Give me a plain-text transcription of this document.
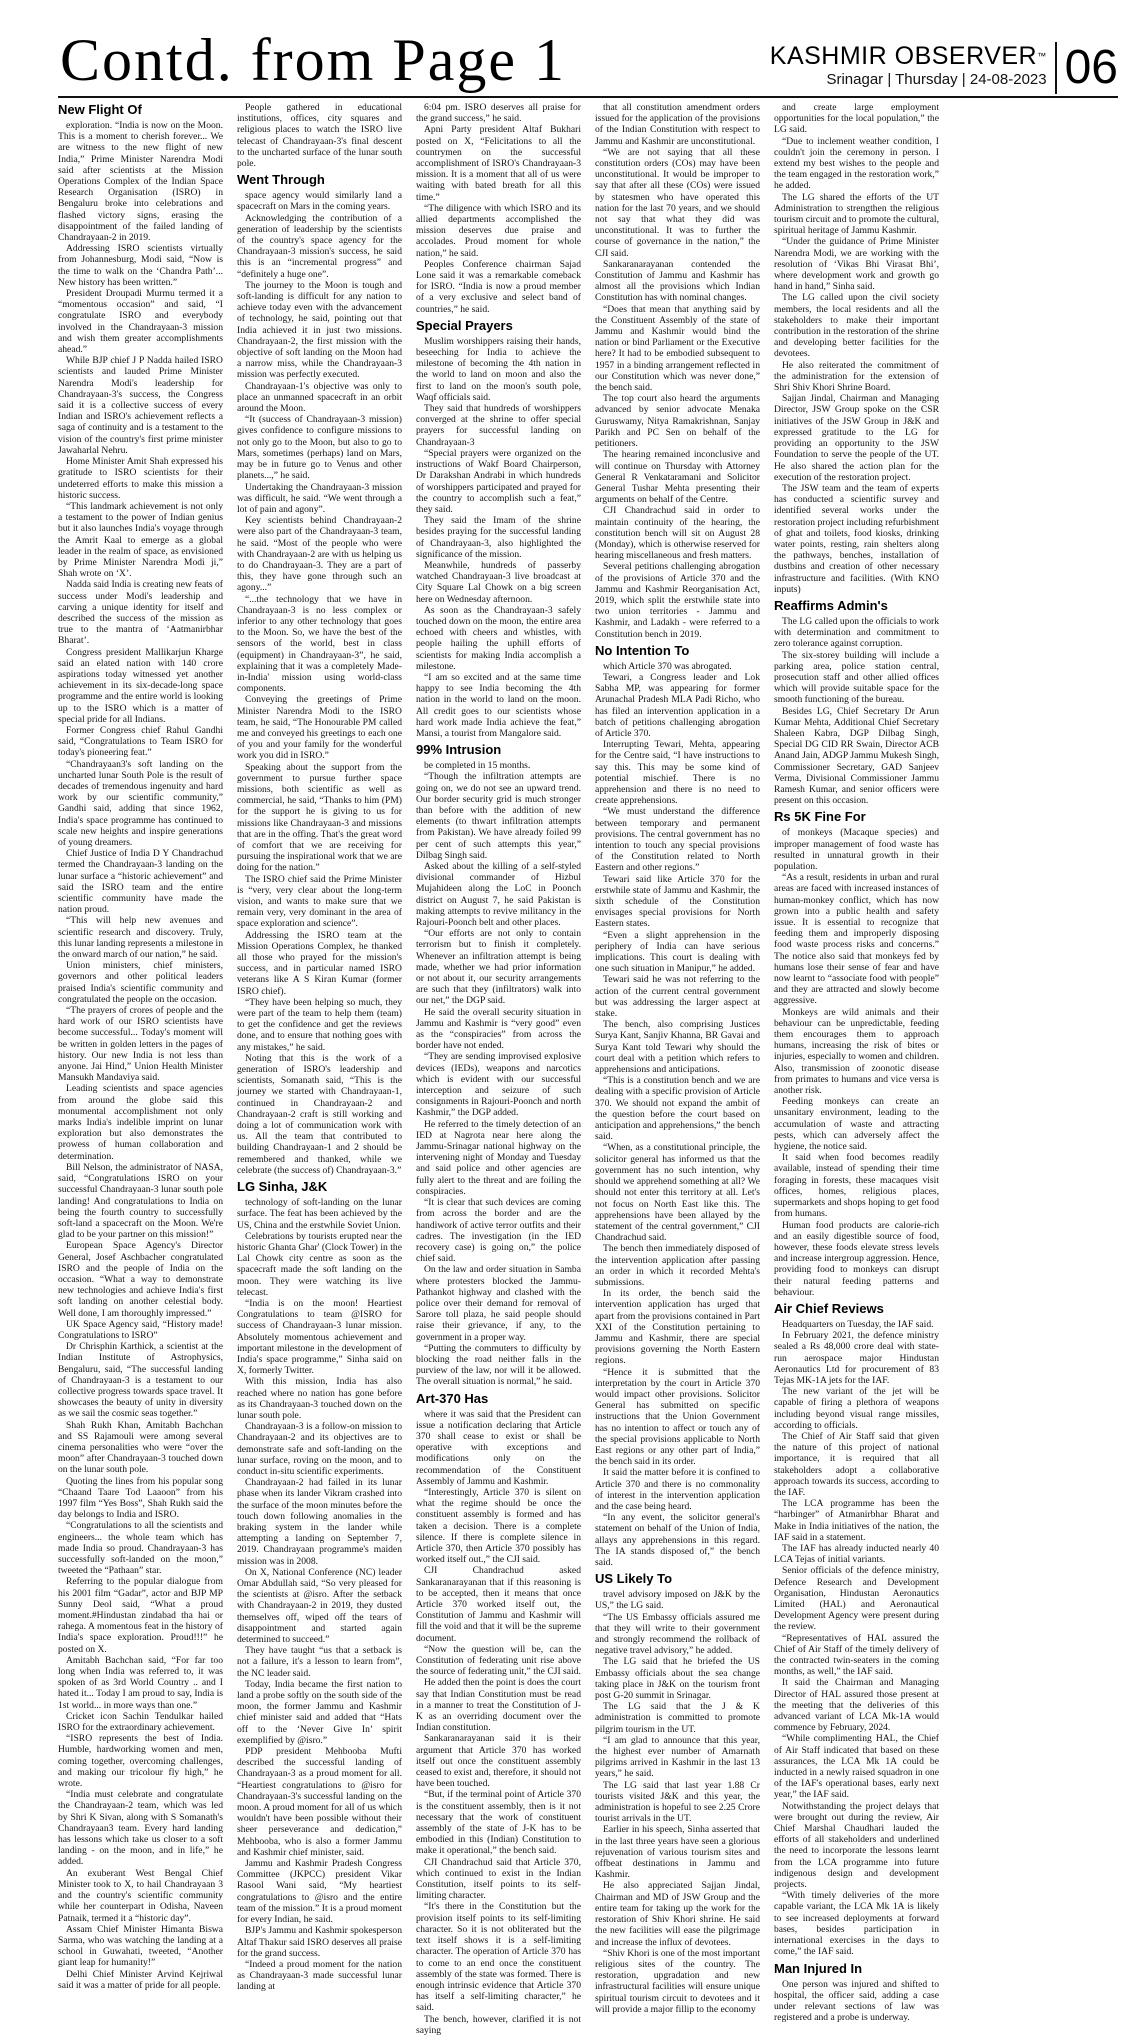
Contd. from Page 1	KASHMIR OBSERVER™
Srinagar | Thursday | 24-08-2023 06
New Flight Of

exploration. “India is now on the Moon. This is a moment to cherish forever... We are witness to the new flight of new India,” Prime Minister Narendra Modi said after scientists at the Mission Operations Complex of the Indian Space Research Organisation (ISRO) in Bengaluru broke into celebrations and flashed victory signs, erasing the disappointment of the failed landing of Chandrayaan-2 in 2019.

Addressing ISRO scientists virtually from Johannesburg, Modi said, “Now is the time to walk on the ‘Chandra Path’... New history has been written.”

President Droupadi Murmu termed it a “momentous occasion” and said, “I congratulate ISRO and everybody involved in the Chandrayaan-3 mission and wish them greater accomplishments ahead.”

While BJP chief J P Nadda hailed ISRO scientists and lauded Prime Minister Narendra Modi's leadership for Chandrayaan-3's success, the Congress said it is a collective success of every Indian and ISRO's achievement reflects a saga of continuity and is a testament to the vision of the country's first prime minister Jawaharlal Nehru.

Home Minister Amit Shah expressed his gratitude to ISRO scientists for their undeterred efforts to make this mission a historic success.

“This landmark achievement is not only a testament to the power of Indian genius but it also launches India's voyage through the Amrit Kaal to emerge as a global leader in the realm of space, as envisioned by Prime Minister Narendra Modi ji,” Shah wrote on ‘X’.

Nadda said India is creating new feats of success under Modi's leadership and carving a unique identity for itself and described the success of the mission as true to the mantra of ‘Aatmanirbhar Bharat’.

Congress president Mallikarjun Kharge said an elated nation with 140 crore aspirations today witnessed yet another achievement in its six-decade-long space programme and the entire world is looking up to the ISRO which is a matter of special pride for all Indians.

Former Congress chief Rahul Gandhi said, “Congratulations to Team ISRO for today's pioneering feat.”

“Chandrayaan3's soft landing on the uncharted lunar South Pole is the result of decades of tremendous ingenuity and hard work by our scientific community,” Gandhi said, adding that since 1962, India's space programme has continued to scale new heights and inspire generations of young dreamers.

Chief Justice of India D Y Chandrachud termed the Chandrayaan-3 landing on the lunar surface a “historic achievement” and said the ISRO team and the entire scientific community have made the nation proud.

“This will help new avenues and scientific research and discovery. Truly, this lunar landing represents a milestone in the onward march of our nation,” he said.

Union ministers, chief ministers, governors and other political leaders praised India's scientific community and congratulated the people on the occasion.

“The prayers of crores of people and the hard work of our ISRO scientists have become successful... Today's moment will be written in golden letters in the pages of history. Our new India is not less than anyone. Jai Hind,” Union Health Minister Mansukh Mandaviya said.

Leading scientists and space agencies from around the globe said this monumental accomplishment not only marks India's indelible imprint on lunar exploration but also demonstrates the prowess of human collaboration and determination.

Bill Nelson, the administrator of NASA, said, “Congratulations ISRO on your successful Chandrayaan-3 lunar south pole landing! And congratulations to India on being the fourth country to successfully soft-land a spacecraft on the Moon. We're glad to be your partner on this mission!”

European Space Agency's Director General, Josef Aschbacher congratulated ISRO and the people of India on the occasion. “What a way to demonstrate new technologies and achieve India's first soft landing on another celestial body. Well done, I am thoroughly impressed.”

UK Space Agency said, “History made! Congratulations to ISRO”

Dr Chrisphin Karthick, a scientist at the Indian Institute of Astrophysics, Bengaluru, said, “The successful landing of Chandrayaan-3 is a testament to our collective progress towards space travel. It showcases the beauty of unity in diversity as we sail the cosmic seas together.”

Shah Rukh Khan, Amitabh Bachchan and SS Rajamouli were among several cinema personalities who were “over the moon” after Chandrayaan-3 touched down on the lunar south pole.

Quoting the lines from his popular song “Chaand Taare Tod Laaoon” from his 1997 film “Yes Boss”, Shah Rukh said the day belongs to India and ISRO.

“Congratulations to all the scientists and engineers... the whole team which has made India so proud. Chandrayaan-3 has successfully soft-landed on the moon,” tweeted the “Pathaan” star.

Referring to the popular dialogue from his 2001 film “Gadar”, actor and BJP MP Sunny Deol said, “What a proud moment.#Hindustan zindabad tha hai or rahega. A momentous feat in the history of India's space exploration. Proud!!!” he posted on X.

Amitabh Bachchan said, “For far too long when India was referred to, it was spoken of as 3rd World Country .. and I hated it... Today I am proud to say, India is 1st world... in more ways than one.”

Cricket icon Sachin Tendulkar hailed ISRO for the extraordinary achievement.

“ISRO represents the best of India. Humble, hardworking women and men, coming together, overcoming challenges, and making our tricolour fly high,” he wrote.

“India must celebrate and congratulate the Chandrayaan-2 team, which was led by Shri K Sivan, along with S Somanath's Chandrayaan3 team. Every hard landing has lessons which take us closer to a soft landing - on the moon, and in life,” he added.

An exuberant West Bengal Chief Minister took to X, to hail Chandrayaan 3 and the country's scientific community while her counterpart in Odisha, Naveen Patnaik, termed it a “historic day”.

Assam Chief Minister Himanta Biswa Sarma, who was watching the landing at a school in Guwahati, tweeted, “Another giant leap for humanity!”

Delhi Chief Minister Arvind Kejriwal said it was a matter of pride for all people.

People gathered in educational institutions, offices, city squares and religious places to watch the ISRO live telecast of Chandrayaan-3's final descent to the uncharted surface of the lunar south pole.

Went Through

space agency would similarly land a spacecraft on Mars in the coming years.

Acknowledging the contribution of a generation of leadership by the scientists of the country's space agency for the Chandrayaan-3 mission's success, he said this is an “incremental progress” and “definitely a huge one”.

The journey to the Moon is tough and soft-landing is difficult for any nation to achieve today even with the advancement of technology, he said, pointing out that India achieved it in just two missions. Chandrayaan-2, the first mission with the objective of soft landing on the Moon had a narrow miss, while the Chandrayaan-3 mission was perfectly executed.

Chandrayaan-1's objective was only to place an unmanned spacecraft in an orbit around the Moon.

“It (success of Chandrayaan-3 mission) gives confidence to configure missions to not only go to the Moon, but also to go to Mars, sometimes (perhaps) land on Mars, may be in future go to Venus and other planets...,” he said.

Undertaking the Chandrayaan-3 mission was difficult, he said. “We went through a lot of pain and agony”.

Key scientists behind Chandrayaan-2 were also part of the Chandrayaan-3 team, he said. “Most of the people who were with Chandrayaan-2 are with us helping us to do Chandrayaan-3. They are a part of this, they have gone through such an agony...”

“...the technology that we have in Chandrayaan-3 is no less complex or inferior to any other technology that goes to the Moon. So, we have the best of the sensors of the world, best in class (equipment) in Chandrayaan-3”, he said, explaining that it was a completely Made-in-India' mission using world-class components.

Conveying the greetings of Prime Minister Narendra Modi to the ISRO team, he said, “The Honourable PM called me and conveyed his greetings to each one of you and your family for the wonderful work you did in ISRO.”

Speaking about the support from the government to pursue further space missions, both scientific as well as commercial, he said, “Thanks to him (PM) for the support he is giving to us for missions like Chandrayaan-3 and missions that are in the offing. That's the great word of comfort that we are receiving for pursuing the inspirational work that we are doing for the nation.”

The ISRO chief said the Prime Minister is “very, very clear about the long-term vision, and wants to make sure that we remain very, very dominant in the area of space exploration and science”.

Addressing the ISRO team at the Mission Operations Complex, he thanked all those who prayed for the mission's success, and in particular named ISRO veterans like A S Kiran Kumar (former ISRO chief).

“They have been helping so much, they were part of the team to help them (team) to get the confidence and get the reviews done, and to ensure that nothing goes with any mistakes,” he said.

Noting that this is the work of a generation of ISRO's leadership and scientists, Somanath said, “This is the journey we started with Chandrayaan-1, continued in Chandrayaan-2 and Chandrayaan-2 craft is still working and doing a lot of communication work with us. All the team that contributed to building Chandrayaan-1 and 2 should be remembered and thanked, while we celebrate (the success of) Chandrayaan-3.”

LG Sinha, J&K

technology of soft-landing on the lunar surface. The feat has been achieved by the US, China and the erstwhile Soviet Union.

Celebrations by tourists erupted near the historic Ghanta Ghar' (Clock Tower) in the Lal Chowk city centre as soon as the spacecraft made the soft landing on the moon. They were watching its live telecast.

“India is on the moon! Heartiest Congratulations to team @ISRO for success of Chandrayaan-3 lunar mission. Absolutely momentous achievement and important milestone in the development of India's space programme,” Sinha said on X, formerly Twitter.

With this mission, India has also reached where no nation has gone before as its Chandrayaan-3 touched down on the lunar south pole.

Chandrayaan-3 is a follow-on mission to Chandrayaan-2 and its objectives are to demonstrate safe and soft-landing on the lunar surface, roving on the moon, and to conduct in-situ scientific experiments.

Chandrayaan-2 had failed in its lunar phase when its lander Vikram crashed into the surface of the moon minutes before the touch down following anomalies in the braking system in the lander while attempting a landing on September 7, 2019. Chandrayaan programme's maiden mission was in 2008.

On X, National Conference (NC) leader Omar Abdullah said, “So very pleased for the scientists at @isro. After the setback with Chandrayaan-2 in 2019, they dusted themselves off, wiped off the tears of disappointment and started again determined to succeed.”

They have taught “us that a setback is not a failure, it's a lesson to learn from”, the NC leader said.

Today, India became the first nation to land a probe softly on the south side of the moon, the former Jammu and Kashmir chief minister said and added that “Hats off to the ‘Never Give In’ spirit exemplified by @isro.”

PDP president Mehbooba Mufti described the successful landing of Chandrayaan-3 as a proud moment for all. “Heartiest congratulations to @isro for Chandrayaan-3's successful landing on the moon. A proud moment for all of us which wouldn't have been possible without their sheer perseverance and dedication,” Mehbooba, who is also a former Jammu and Kashmir chief minister, said.

Jammu and Kashmir Pradesh Congress Committee (JKPCC) president Vikar Rasool Wani said, “My heartiest congratulations to @isro and the entire team of the mission.” It is a proud moment for every Indian, he said.

BJP's Jammu and Kashmir spokesperson Altaf Thakur said ISRO deserves all praise for the grand success.

“Indeed a proud moment for the nation as Chandrayaan-3 made successful lunar landing at

6:04 pm. ISRO deserves all praise for the grand success,” he said.

Apni Party president Altaf Bukhari posted on X, “Felicitations to all the countrymen on the successful accomplishment of ISRO's Chandrayaan-3 mission. It is a moment that all of us were waiting with bated breath for all this time.”

“The diligence with which ISRO and its allied departments accomplished the mission deserves due praise and accolades. Proud moment for whole nation,” he said.

Peoples Conference chairman Sajad Lone said it was a remarkable comeback for ISRO. “India is now a proud member of a very exclusive and select band of countries,” he said.

Special Prayers

Muslim worshippers raising their hands, beseeching for India to achieve the milestone of becoming the 4th nation in the world to land on moon and also the first to land on the moon's south pole, Waqf officials said.

They said that hundreds of worshippers converged at the shrine to offer special prayers for successful landing on Chandrayaan-3

“Special prayers were organized on the instructions of Wakf Board Chairperson, Dr Darakshan Andrabi in which hundreds of worshippers participated and prayed for the country to accomplish such a feat,” they said.

They said the Imam of the shrine besides praying for the successful landing of Chandrayaan-3, also highlighted the significance of the mission.

Meanwhile, hundreds of passerby watched Chandrayaan-3 live broadcast at City Square Lal Chowk on a big screen here on Wednesday afternoon.

As soon as the Chandrayaan-3 safely touched down on the moon, the entire area echoed with cheers and whistles, with people hailing the uphill efforts of scientists for making India accomplish a milestone.

“I am so excited and at the same time happy to see India becoming the 4th nation in the world to land on the moon. All credit goes to our scientists whose hard work made India achieve the feat,” Mansi, a tourist from Mangalore said.

99% Intrusion

be completed in 15 months.

“Though the infiltration attempts are going on, we do not see an upward trend. Our border security grid is much stronger than before with the addition of new elements (to thwart infiltration attempts from Pakistan). We have already foiled 99 per cent of such attempts this year,” Dilbag Singh said.

Asked about the killing of a self-styled divisional commander of Hizbul Mujahideen along the LoC in Poonch district on August 7, he said Pakistan is making attempts to revive militancy in the Rajouri-Poonch belt and other places.

“Our efforts are not only to contain terrorism but to finish it completely. Whenever an infiltration attempt is being made, whether we had prior information or not about it, our security arrangements are such that they (infiltrators) walk into our net,” the DGP said.

He said the overall security situation in Jammu and Kashmir is “very good” even as the “conspiracies” from across the border have not ended.

“They are sending improvised explosive devices (IEDs), weapons and narcotics which is evident with our successful interception and seizure of such consignments in Rajouri-Poonch and north Kashmir,” the DGP added.

He referred to the timely detection of an IED at Nagrota near here along the Jammu-Srinagar national highway on the intervening night of Monday and Tuesday and said police and other agencies are fully alert to the threat and are foiling the conspiracies.

“It is clear that such devices are coming from across the border and are the handiwork of active terror outfits and their cadres. The investigation (in the IED recovery case) is going on,” the police chief said.

On the law and order situation in Samba where protesters blocked the Jammu-Pathankot highway and clashed with the police over their demand for removal of Sarore toll plaza, he said people should raise their grievance, if any, to the government in a proper way.

“Putting the commuters to difficulty by blocking the road neither falls in the purview of the law, nor will it be allowed. The overall situation is normal,” he said.

Art-370 Has

where it was said that the President can issue a notification declaring that Article 370 shall cease to exist or shall be operative with exceptions and modifications only on the recommendation of the Constituent Assembly of Jammu and Kashmir.

“Interestingly, Article 370 is silent on what the regime should be once the constituent assembly is formed and has taken a decision. There is a complete silence. If there is complete silence in Article 370, then Article 370 possibly has worked itself out.,” the CJI said.

CJI Chandrachud asked Sankaranarayanan that if this reasoning is to be accepted, then it means that once Article 370 worked itself out, the Constitution of Jammu and Kashmir will fill the void and that it will be the supreme document.

“Now the question will be, can the Constitution of federating unit rise above the source of federating unit,” the CJI said.

He added then the point is does the court say that Indian Constitution must be read in a manner to treat the Constitution of J-K as an overriding document over the Indian constitution.

Sankaranarayanan said it is their argument that Article 370 has worked itself out once the constituent assembly ceased to exist and, therefore, it should not have been touched.

“But, if the terminal point of Article 370 is the constituent assembly, then is it not necessary that the work of constituent assembly of the state of J-K has to be embodied in this (Indian) Constitution to make it operational,” the bench said.

CJI Chandrachud said that Article 370, which continued to exist in the Indian Constitution, itself points to its self-limiting character.

“It's there in the Constitution but the provision itself points to its self-limiting character. So it is not obliterated but the text itself shows it is a self-limiting character. The operation of Article 370 has to come to an end once the constituent assembly of the state was formed. There is enough intrinsic evidence that Article 370 has itself a self-limiting character,” he said.

The bench, however, clarified it is not saying

that all constitution amendment orders issued for the application of the provisions of the Indian Constitution with respect to Jammu and Kashmir are unconstitutional.

“We are not saying that all these constitution orders (COs) may have been unconstitutional. It would be improper to say that after all these (COs) were issued by statesmen who have operated this nation for the last 70 years, and we should not say that what they did was unconstitutional. It was to further the course of governance in the nation,” the CJI said.

Sankaranarayanan contended the Constitution of Jammu and Kashmir has almost all the provisions which Indian Constitution has with nominal changes.

“Does that mean that anything said by the Constituent Assembly of the state of Jammu and Kashmir would bind the nation or bind Parliament or the Executive here? It had to be embodied subsequent to 1957 in a binding arrangement reflected in our Constitution which was never done,” the bench said.

The top court also heard the arguments advanced by senior advocate Menaka Guruswamy, Nitya Ramakrishnan, Sanjay Parikh and PC Sen on behalf of the petitioners.

The hearing remained inconclusive and will continue on Thursday with Attorney General R Venkataramani and Solicitor General Tushar Mehta presenting their arguments on behalf of the Centre.

CJI Chandrachud said in order to maintain continuity of the hearing, the constitution bench will sit on August 28 (Monday), which is otherwise reserved for hearing miscellaneous and fresh matters.

Several petitions challenging abrogation of the provisions of Article 370 and the Jammu and Kashmir Reorganisation Act, 2019, which split the erstwhile state into two union territories - Jammu and Kashmir, and Ladakh - were referred to a Constitution bench in 2019.

No Intention To

which Article 370 was abrogated.

Tewari, a Congress leader and Lok Sabha MP, was appearing for former Arunachal Pradesh MLA Padi Richo, who has filed an intervention application in a batch of petitions challenging abrogation of Article 370.

Interrupting Tewari, Mehta, appearing for the Centre said, “I have instructions to say this. This may be some kind of potential mischief. There is no apprehension and there is no need to create apprehensions.

“We must understand the difference between temporary and permanent provisions. The central government has no intention to touch any special provisions of the Constitution related to North Eastern and other regions.”

Tewari said like Article 370 for the erstwhile state of Jammu and Kashmir, the sixth schedule of the Constitution envisages special provisions for North Eastern states.

“Even a slight apprehension in the periphery of India can have serious implications. This court is dealing with one such situation in Manipur,” he added.

Tewari said he was not referring to the action of the current central government but was addressing the larger aspect at stake.

The bench, also comprising Justices Surya Kant, Sanjiv Khanna, BR Gavai and Surya Kant told Tewari why should the court deal with a petition which refers to apprehensions and anticipations.

“This is a constitution bench and we are dealing with a specific provision of Article 370. We should not expand the ambit of the question before the court based on anticipation and apprehensions,” the bench said.

“When, as a constitutional principle, the solicitor general has informed us that the government has no such intention, why should we apprehend something at all? We should not enter this territory at all. Let's not focus on North East like this. The apprehensions have been allayed by the statement of the central government,” CJI Chandrachud said.

The bench then immediately disposed of the intervention application after passing an order in which it recorded Mehta's submissions.

In its order, the bench said the intervention application has urged that apart from the provisions contained in Part XXI of the Constitution pertaining to Jammu and Kashmir, there are special provisions governing the North Eastern regions.

“Hence it is submitted that the interpretation by the court in Article 370 would impact other provisions. Solicitor General has submitted on specific instructions that the Union Government has no intention to affect or touch any of the special provisions applicable to North East regions or any other part of India,” the bench said in its order.

It said the matter before it is confined to Article 370 and there is no commonality of interest in the intervention application and the case being heard.

“In any event, the solicitor general's statement on behalf of the Union of India, allays any apprehensions in this regard. The IA stands disposed of,” the bench said.

US Likely To

travel advisory imposed on J&K by the US,” the LG said.

“The US Embassy officials assured me that they will write to their government and strongly recommend the rollback of negative travel advisory,” he added.

The LG said that he briefed the US Embassy officials about the sea change taking place in J&K on the tourism front post G-20 summit in Srinagar.

The LG said that the J & K administration is committed to promote pilgrim tourism in the UT.

“I am glad to announce that this year, the highest ever number of Amarnath pilgrims arrived in Kashmir in the last 13 years,” he said.

The LG said that last year 1.88 Cr tourists visited J&K and this year, the administration is hopeful to see 2.25 Crore tourist arrivals in the UT.

Earlier in his speech, Sinha asserted that in the last three years have seen a glorious rejuvenation of various tourism sites and offbeat destinations in Jammu and Kashmir.

He also appreciated Sajjan Jindal, Chairman and MD of JSW Group and the entire team for taking up the work for the restoration of Shiv Khori shrine. He said the new facilities will ease the pilgrimage and increase the influx of devotees.

“Shiv Khori is one of the most important religious sites of the country. The restoration, upgradation and new infrastructural facilities will ensure unique spiritual tourism circuit to devotees and it will provide a major fillip to the economy

and create large employment opportunities for the local population,” the LG said.

“Due to inclement weather condition, I couldn't join the ceremony in person. I extend my best wishes to the people and the team engaged in the restoration work,” he added.

The LG shared the efforts of the UT Administration to strengthen the religious tourism circuit and to promote the cultural, spiritual heritage of Jammu Kashmir.

“Under the guidance of Prime Minister Narendra Modi, we are working with the resolution of ‘Vikas Bhi Virasat Bhi’, where development work and growth go hand in hand,” Sinha said.

The LG called upon the civil society members, the local residents and all the stakeholders to make their important contribution in the restoration of the shrine and developing better facilities for the devotees.

He also reiterated the commitment of the administration for the extension of Shri Shiv Khori Shrine Board.

Sajjan Jindal, Chairman and Managing Director, JSW Group spoke on the CSR initiatives of the JSW Group in J&K and expressed gratitude to the LG for providing an opportunity to the JSW Foundation to serve the people of the UT. He also shared the action plan for the execution of the restoration project.

The JSW team and the team of experts has conducted a scientific survey and identified several works under the restoration project including refurbishment of ghat and toilets, food kiosks, drinking water points, resting, rain shelters along the pathways, benches, installation of dustbins and creation of other necessary infrastructure and facilities. (With KNO inputs)

Reaffirms Admin's

The LG called upon the officials to work with determination and commitment to zero tolerance against corruption.

The six-storey building will include a parking area, police station central, prosecution staff and other allied offices which will provide suitable space for the smooth functioning of the bureau.

Besides LG, Chief Secretary Dr Arun Kumar Mehta, Additional Chief Secretary Shaleen Kabra, DGP Dilbag Singh, Special DG CID RR Swain, Director ACB Anand Jain, ADGP Jammu Mukesh Singh, Commissioner Secretary, GAD Sanjeev Verma, Divisional Commissioner Jammu Ramesh Kumar, and senior officers were present on this occasion.

Rs 5K Fine For

of monkeys (Macaque species) and improper management of food waste has resulted in unnatural growth in their population.

“As a result, residents in urban and rural areas are faced with increased instances of human-monkey conflict, which has now grown into a public health and safety issue. It is essential to recognize that feeding them and improperly disposing food waste process risks and concerns.” The notice also said that monkeys fed by humans lose their sense of fear and have now learnt to “associate food with people” and they are attracted and slowly become aggressive.

Monkeys are wild animals and their behaviour can be unpredictable, feeding them encourages them to approach humans, increasing the risk of bites or injuries, especially to women and children. Also, transmission of zoonotic disease from primates to humans and vice versa is another risk.

Feeding monkeys can create an unsanitary environment, leading to the accumulation of waste and attracting pests, which can adversely affect the hygiene, the notice said.

It said when food becomes readily available, instead of spending their time foraging in forests, these macaques visit offices, homes, religious places, supermarkets and shops hoping to get food from humans.

Human food products are calorie-rich and an easily digestible source of food, however, these foods elevate stress levels and increase intergroup aggression. Hence, providing food to monkeys can disrupt their natural feeding patterns and behaviour.

Air Chief Reviews

Headquarters on Tuesday, the IAF said.

In February 2021, the defence ministry sealed a Rs 48,000 crore deal with state-run aerospace major Hindustan Aeronautics Ltd for procurement of 83 Tejas MK-1A jets for the IAF.

The new variant of the jet will be capable of firing a plethora of weapons including beyond visual range missiles, according to officials.

The Chief of Air Staff said that given the nature of this project of national importance, it is required that all stakeholders adopt a collaborative approach towards its success, according to the IAF.

The LCA programme has been the “harbinger” of Atmanirbhar Bharat and Make in India initiatives of the nation, the IAF said in a statement.

The IAF has already inducted nearly 40 LCA Tejas of initial variants.

Senior officials of the defence ministry, Defence Research and Development Organisation, Hindustan Aeronautics Limited (HAL) and Aeronautical Development Agency were present during the review.

“Representatives of HAL assured the Chief of Air Staff of the timely delivery of the contracted twin-seaters in the coming months, as well,” the IAF said.

It said the Chairman and Managing Director of HAL assured those present at the meeting that the deliveries of this advanced variant of LCA Mk-1A would commence by February, 2024.

“While complimenting HAL, the Chief of Air Staff indicated that based on these assurances, the LCA Mk 1A could be inducted in a newly raised squadron in one of the IAF's operational bases, early next year,” the IAF said.

Notwithstanding the project delays that were brought out during the review, Air Chief Marshal Chaudhari lauded the efforts of all stakeholders and underlined the need to incorporate the lessons learnt from the LCA programme into future indigenous design and development projects.

“With timely deliveries of the more capable variant, the LCA Mk 1A is likely to see increased deployments at forward bases, besides participation in international exercises in the days to come,” the IAF said.

Man Injured In

One person was injured and shifted to hospital, the officer said, adding a case under relevant sections of law was registered and a probe is underway.
